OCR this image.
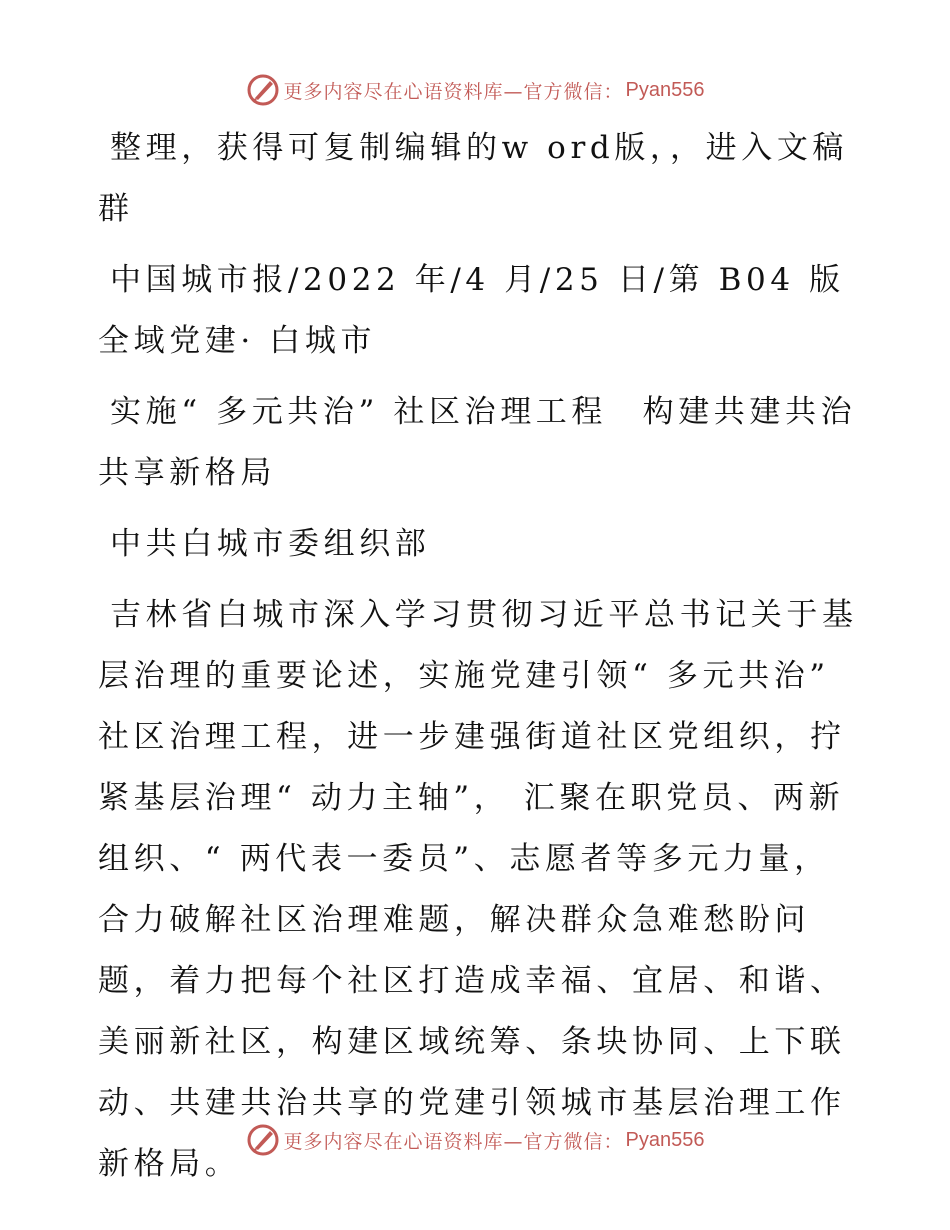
更多内容尽在心语资料库—官方微信： Pyan556

整理，获得可复制编辑的w ord版，，进入文稿群

中国城市报/2022 年/4 月/25 日/第 B04 版全域党建· 白城市

实施“ 多元共治” 社区治理工程　构建共建共治共享新格局

中共白城市委组织部

吉林省白城市深入学习贯彻习近平总书记关于基层治理的重要论述，实施党建引领“ 多元共治” 社区治理工程，进一步建强街道社区党组织，拧紧基层治理“ 动力主轴”， 汇聚在职党员、两新组织、“ 两代表一委员”、志愿者等多元力量，合力破解社区治理难题，解决群众急难愁盼问题，着力把每个社区打造成幸福、宜居、和谐、美丽新社区，构建区域统筹、条块协同、上下联动、共建共治共享的党建引领城市基层治理工作新格局。

更多内容尽在心语资料库—官方微信： Pyan556
